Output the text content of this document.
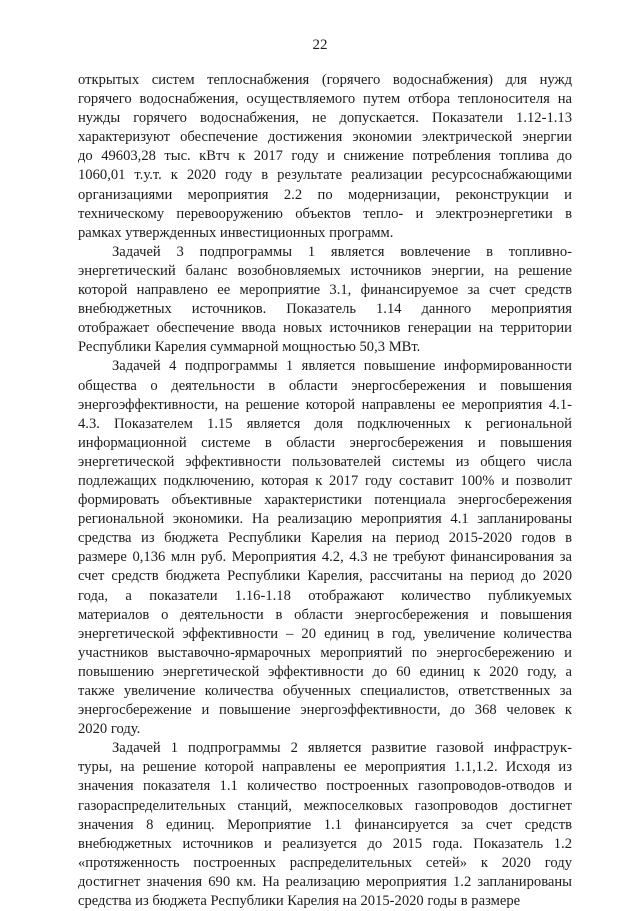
22

открытых систем теплоснабжения (горячего водоснабжения) для нужд
горячего водоснабжения, осуществляемого путем отбора теплоносителя на
нужды горячего водоснабжения, не допускается. Показатели 1.12-1.13
характеризуют обеспечение достижения экономии электрической энергии
до 49603,28 тыс. кВтч к 2017 году и снижение потребления топлива до
1060,01 т.у.т. к 2020 году в результате реализации ресурсоснабжающими
организациями мероприятия 2.2 по модернизации, реконструкции и
техническому перевооружению объектов тепло- и электроэнергетики в
рамках утвержденных инвестиционных программ.

Задачей 3 подпрограммы 1 является вовлечение в топливно-
энергетический баланс возобновляемых источников энергии, на решение
которой направлено ее мероприятие 3.1, финансируемое за счет средств
внебюджетных источников. Показатель 1.14 данного мероприятия
отображает обеспечение ввода новых источников генерации на территории
Республики Карелия суммарной мощностью 50,3 МВт.

Задачей 4 подпрограммы 1 является повышение информированности
общества о деятельности в области энергосбережения и повышения
энергоэффективности, на решение которой направлены ее мероприятия 4.1-
4.3. Показателем 1.15 является доля подключенных к региональной
информационной системе в области энергосбережения и повышения
энергетической эффективности пользователей системы из общего числа
подлежащих подключению, которая к 2017 году составит 100% и позволит
формировать объективные характеристики потенциала энергосбережения
региональной экономики. На реализацию мероприятия 4.1 запланированы
средства из бюджета Республики Карелия на период 2015-2020 годов в
размере 0,136 млн руб. Мероприятия 4.2, 4.3 не требуют финансирования за
счет средств бюджета Республики Карелия, рассчитаны на период до 2020
года, а показатели 1.16-1.18 отображают количество публикуемых
материалов о деятельности в области энергосбережения и повышения
энергетической эффективности – 20 единиц в год, увеличение количества
участников выставочно-ярмарочных мероприятий по энергосбережению и
повышению энергетической эффективности до 60 единиц к 2020 году, а
также увеличение количества обученных специалистов, ответственных за
энергосбережение и повышение энергоэффективности, до 368 человек к
2020 году.

Задачей 1 подпрограммы 2 является развитие газовой инфраструк-
туры, на решение которой направлены ее мероприятия 1.1,1.2. Исходя из
значения показателя 1.1 количество построенных газопроводов-отводов и
газораспределительных станций, межпоселковых газопроводов достигнет
значения 8 единиц. Мероприятие 1.1 финансируется за счет средств
внебюджетных источников и реализуется до 2015 года. Показатель 1.2
«протяженность построенных распределительных сетей» к 2020 году
достигнет значения 690 км. На реализацию мероприятия 1.2 запланированы
средства из бюджета Республики Карелия на 2015-2020 годы в размере
